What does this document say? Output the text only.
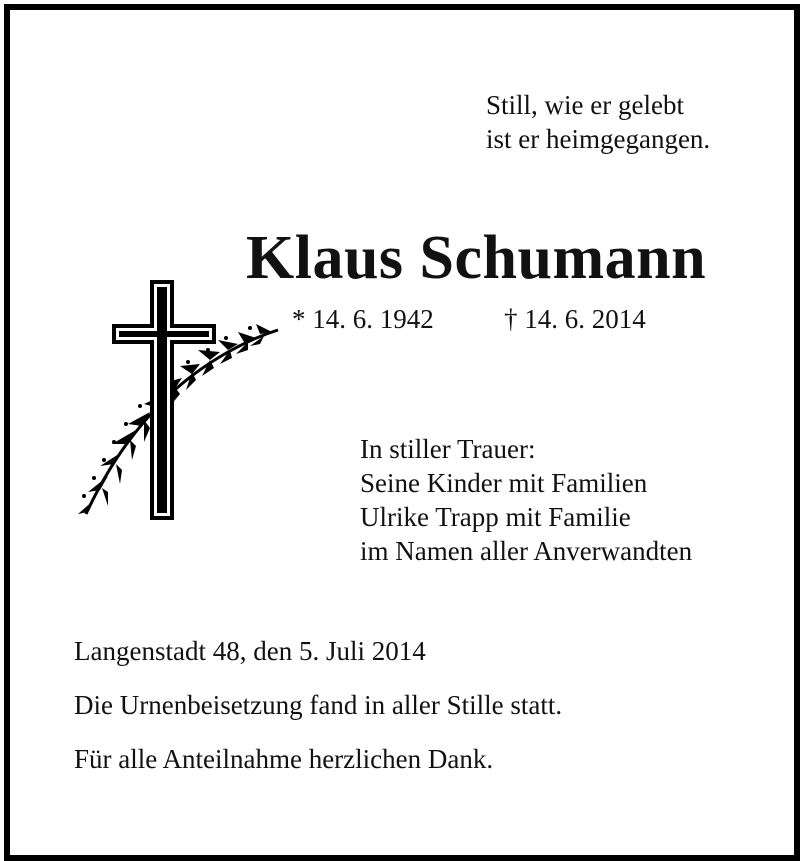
Still, wie er gelebt
ist er heimgegangen.
Klaus Schumann
* 14. 6. 1942	† 14. 6. 2014
In stiller Trauer:
Seine Kinder mit Familien
Ulrike Trapp mit Familie
im Namen aller Anverwandten
Langenstadt 48, den 5. Juli 2014
Die Urnenbeisetzung fand in aller Stille statt.
Für alle Anteilnahme herzlichen Dank.
